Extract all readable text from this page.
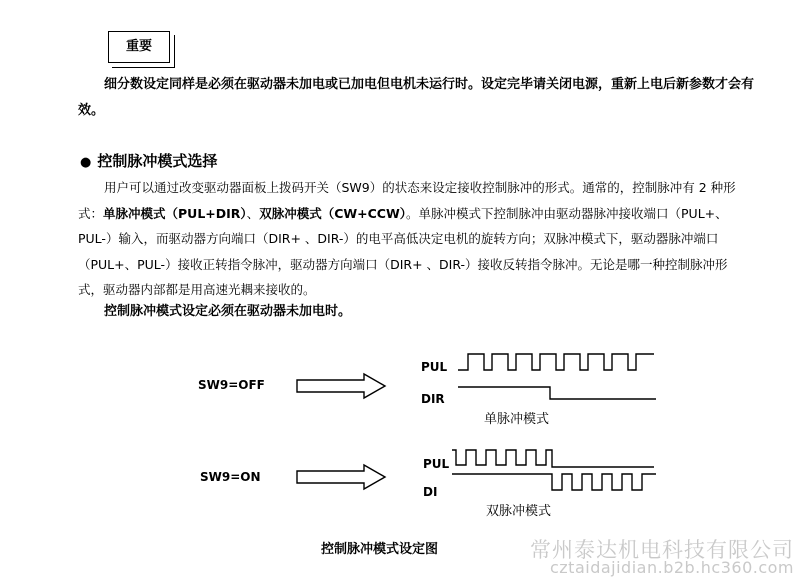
重要
细分数设定同样是必须在驱动器未加电或已加电但电机未运行时。设定完毕请关闭电源，重新上电后新参数才会有效。
● 控制脉冲模式选择
用户可以通过改变驱动器面板上拨码开关（SW9）的状态来设定接收控制脉冲的形式。通常的，控制脉冲有 2 种形式：单脉冲模式（PUL+DIR）、双脉冲模式（CW+CCW）。单脉冲模式下控制脉冲由驱动器脉冲接收端口（PUL+、PUL-）输入，而驱动器方向端口（DIR+ 、DIR-）的电平高低决定电机的旋转方向；双脉冲模式下，驱动器脉冲端口（PUL+、PUL-）接收正转指令脉冲，驱动器方向端口（DIR+ 、DIR-）接收反转指令脉冲。无论是哪一种控制脉冲形式，驱动器内部都是用高速光耦来接收的。
控制脉冲模式设定必须在驱动器未加电时。
SW9=OFF
SW9=ON
PUL
DIR
单脉冲模式
PUL
DI
双脉冲模式
控制脉冲模式设定图	常州泰达机电科技有限公司
cztaidajidian.b2b.hc360.com
